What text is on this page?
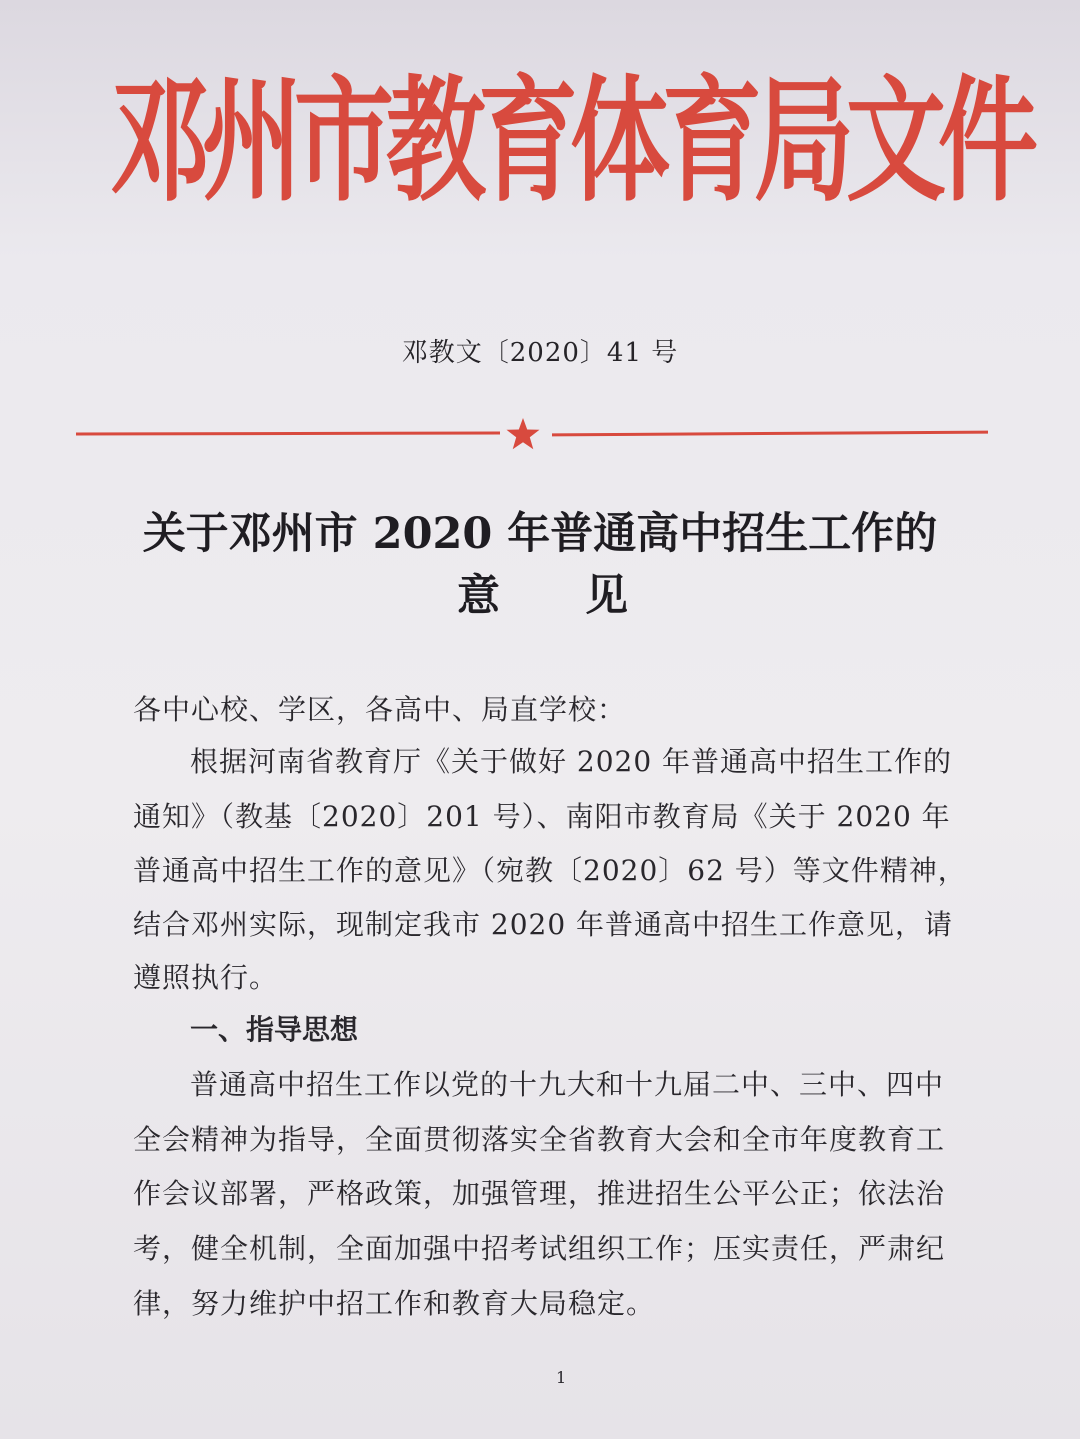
邓州市教育体育局文件
邓教文〔2020〕41 号
关于邓州市 2020 年普通高中招生工作的
意见
各中心校、学区，各高中、局直学校：
根据河南省教育厅《关于做好 2020 年普通高中招生工作的
通知》（教基〔2020〕201 号）、南阳市教育局《关于 2020 年
普通高中招生工作的意见》（宛教〔2020〕62 号）等文件精神，
结合邓州实际，现制定我市 2020 年普通高中招生工作意见，请
遵照执行。
一、指导思想
普通高中招生工作以党的十九大和十九届二中、三中、四中
全会精神为指导，全面贯彻落实全省教育大会和全市年度教育工
作会议部署，严格政策，加强管理，推进招生公平公正；依法治
考，健全机制，全面加强中招考试组织工作；压实责任，严肃纪
律，努力维护中招工作和教育大局稳定。
1
